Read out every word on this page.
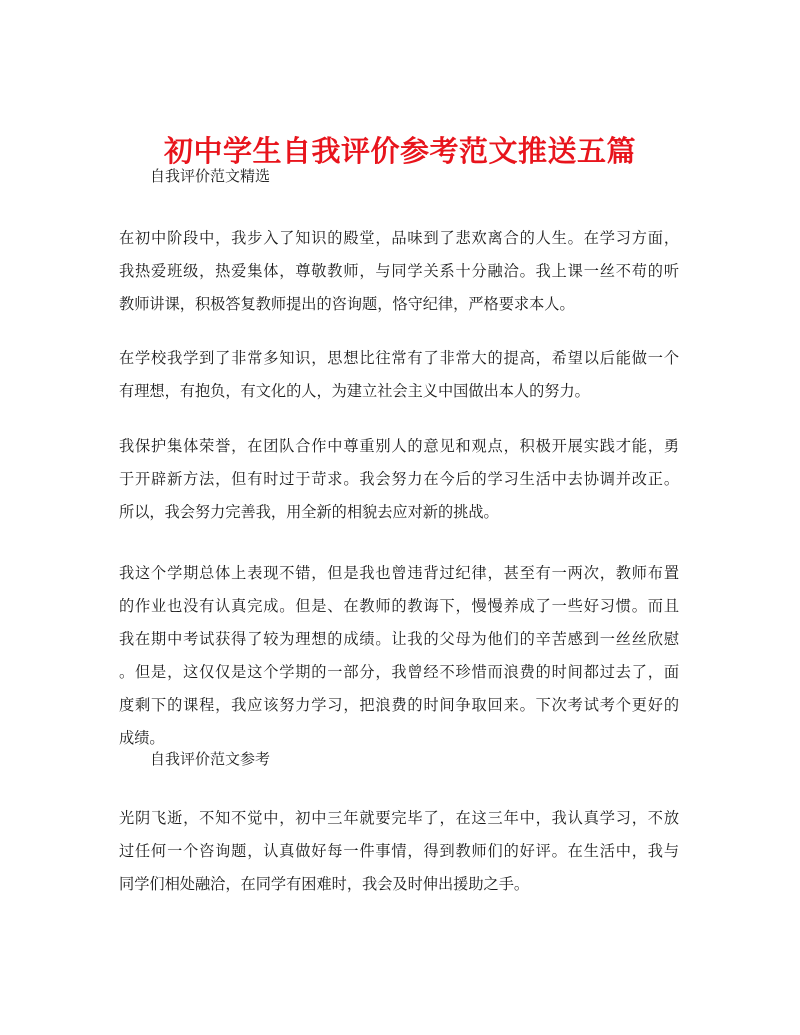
初中学生自我评价参考范文推送五篇
自我评价范文精选
在初中阶段中，我步入了知识的殿堂，品味到了悲欢离合的人生。在学习方面，
我热爱班级，热爱集体，尊敬教师，与同学关系十分融洽。我上课一丝不苟的听
教师讲课，积极答复教师提出的咨询题，恪守纪律，严格要求本人。
在学校我学到了非常多知识，思想比往常有了非常大的提高，希望以后能做一个
有理想，有抱负，有文化的人，为建立社会主义中国做出本人的努力。
我保护集体荣誉，在团队合作中尊重别人的意见和观点，积极开展实践才能，勇
于开辟新方法，但有时过于苛求。我会努力在今后的学习生活中去协调并改正。
所以，我会努力完善我，用全新的相貌去应对新的挑战。
我这个学期总体上表现不错，但是我也曾违背过纪律，甚至有一两次，教师布置
的作业也没有认真完成。但是、在教师的教诲下，慢慢养成了一些好习惯。而且
我在期中考试获得了较为理想的成绩。让我的父母为他们的辛苦感到一丝丝欣慰
。但是，这仅仅是这个学期的一部分，我曾经不珍惜而浪费的时间都过去了，面
度剩下的课程，我应该努力学习，把浪费的时间争取回来。下次考试考个更好的
成绩。
自我评价范文参考
光阴飞逝，不知不觉中，初中三年就要完毕了，在这三年中，我认真学习，不放
过任何一个咨询题，认真做好每一件事情，得到教师们的好评。在生活中，我与
同学们相处融洽，在同学有困难时，我会及时伸出援助之手。
